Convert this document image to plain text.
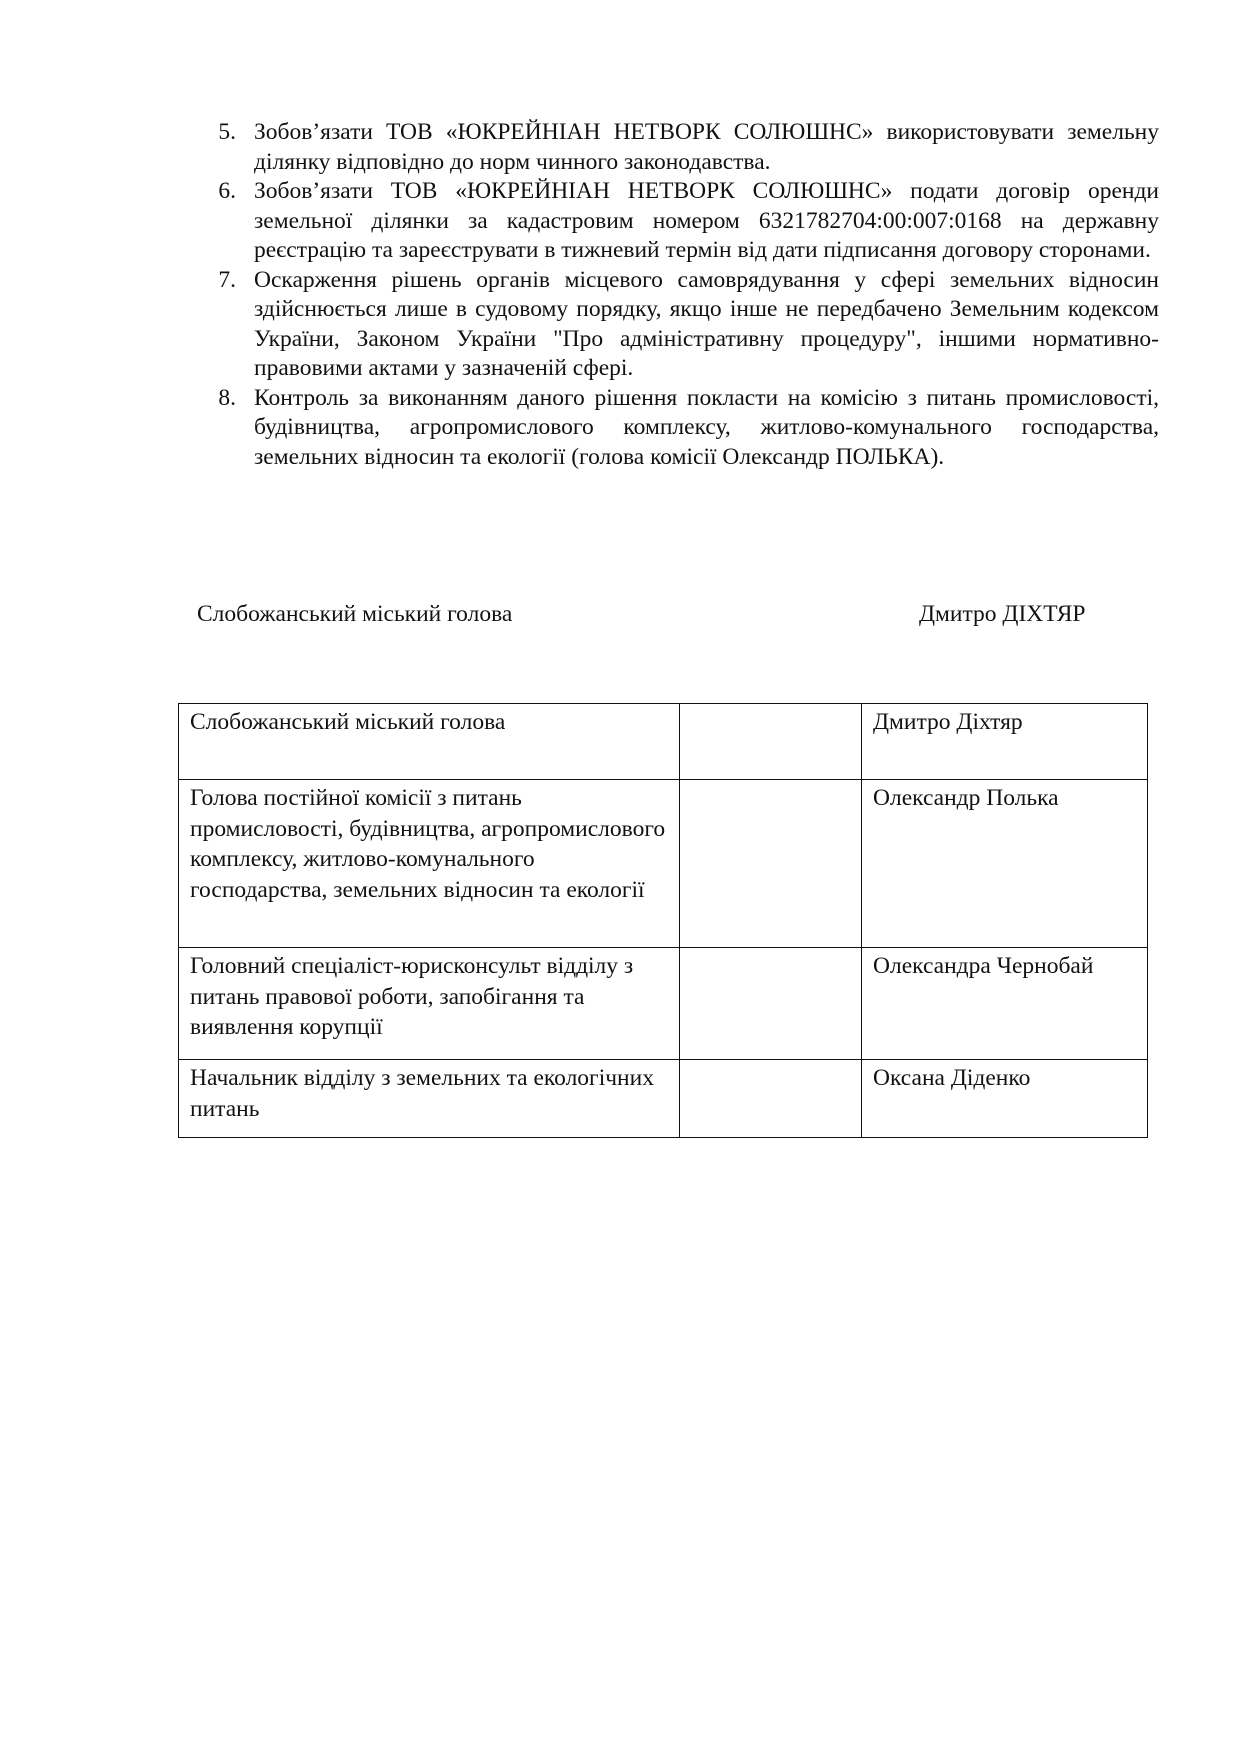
5. Зобов’язати ТОВ «ЮКРЕЙНІАН НЕТВОРК СОЛЮШНС» використовувати земельну ділянку відповідно до норм чинного законодавства.
6. Зобов’язати ТОВ «ЮКРЕЙНІАН НЕТВОРК СОЛЮШНС» подати договір оренди земельної ділянки за кадастровим номером 6321782704:00:007:0168 на державну реєстрацію та зареєструвати в тижневий термін від дати підписання договору сторонами.
7. Оскарження рішень органів місцевого самоврядування у сфері земельних відносин здійснюється лише в судовому порядку, якщо інше не передбачено Земельним кодексом України, Законом України "Про адміністративну процедуру", іншими нормативно-правовими актами у зазначеній сфері.
8. Контроль за виконанням даного рішення покласти на комісію з питань промисловості, будівництва, агропромислового комплексу, житлово-комунального господарства, земельних відносин та екології (голова комісії Олександр ПОЛЬКА).
Слобожанський міський голова	Дмитро ДІХТЯР
Слобожанський міський голова		Дмитро Діхтяр
Голова постійної комісії з питань промисловості, будівництва, агропромислового комплексу, житлово-комунального господарства, земельних відносин та екології		Олександр Полька
Головний спеціаліст-юрисконсульт відділу з питань правової роботи, запобігання та виявлення корупції		Олександра Чернобай
Начальник відділу з земельних та екологічних питань		Оксана Діденко
